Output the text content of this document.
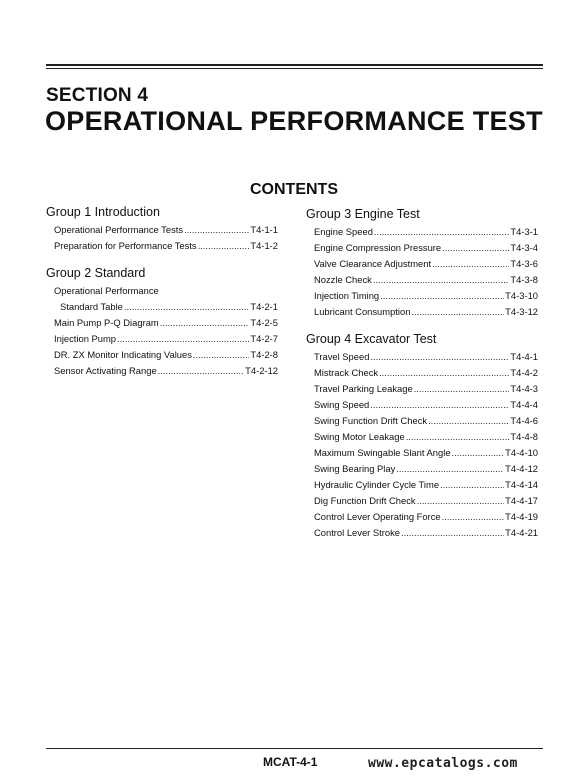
SECTION 4
OPERATIONAL PERFORMANCE TEST
CONTENTS
Group 1 Introduction
Operational Performance Tests .....	T4-1-1
Preparation for Performance Tests .....	T4-1-2
Group 2 Standard
Operational Performance
Standard Table .....	T4-2-1
Main Pump P-Q Diagram .....	T4-2-5
Injection Pump .....	T4-2-7
DR. ZX Monitor Indicating Values .....	T4-2-8
Sensor Activating Range .....	T4-2-12
Group 3 Engine Test
Engine Speed .....	T4-3-1
Engine Compression Pressure .....	T4-3-4
Valve Clearance Adjustment .....	T4-3-6
Nozzle Check .....	T4-3-8
Injection Timing .....	T4-3-10
Lubricant Consumption .....	T4-3-12
Group 4 Excavator Test
Travel Speed .....	T4-4-1
Mistrack Check .....	T4-4-2
Travel Parking Leakage .....	T4-4-3
Swing Speed .....	T4-4-4
Swing Function Drift Check .....	T4-4-6
Swing Motor Leakage .....	T4-4-8
Maximum Swingable Slant Angle .....	T4-4-10
Swing Bearing Play .....	T4-4-12
Hydraulic Cylinder Cycle Time .....	T4-4-14
Dig Function Drift Check .....	T4-4-17
Control Lever Operating Force .....	T4-4-19
Control Lever Stroke .....	T4-4-21
MCAT-4-1	www.epcatalogs.com
